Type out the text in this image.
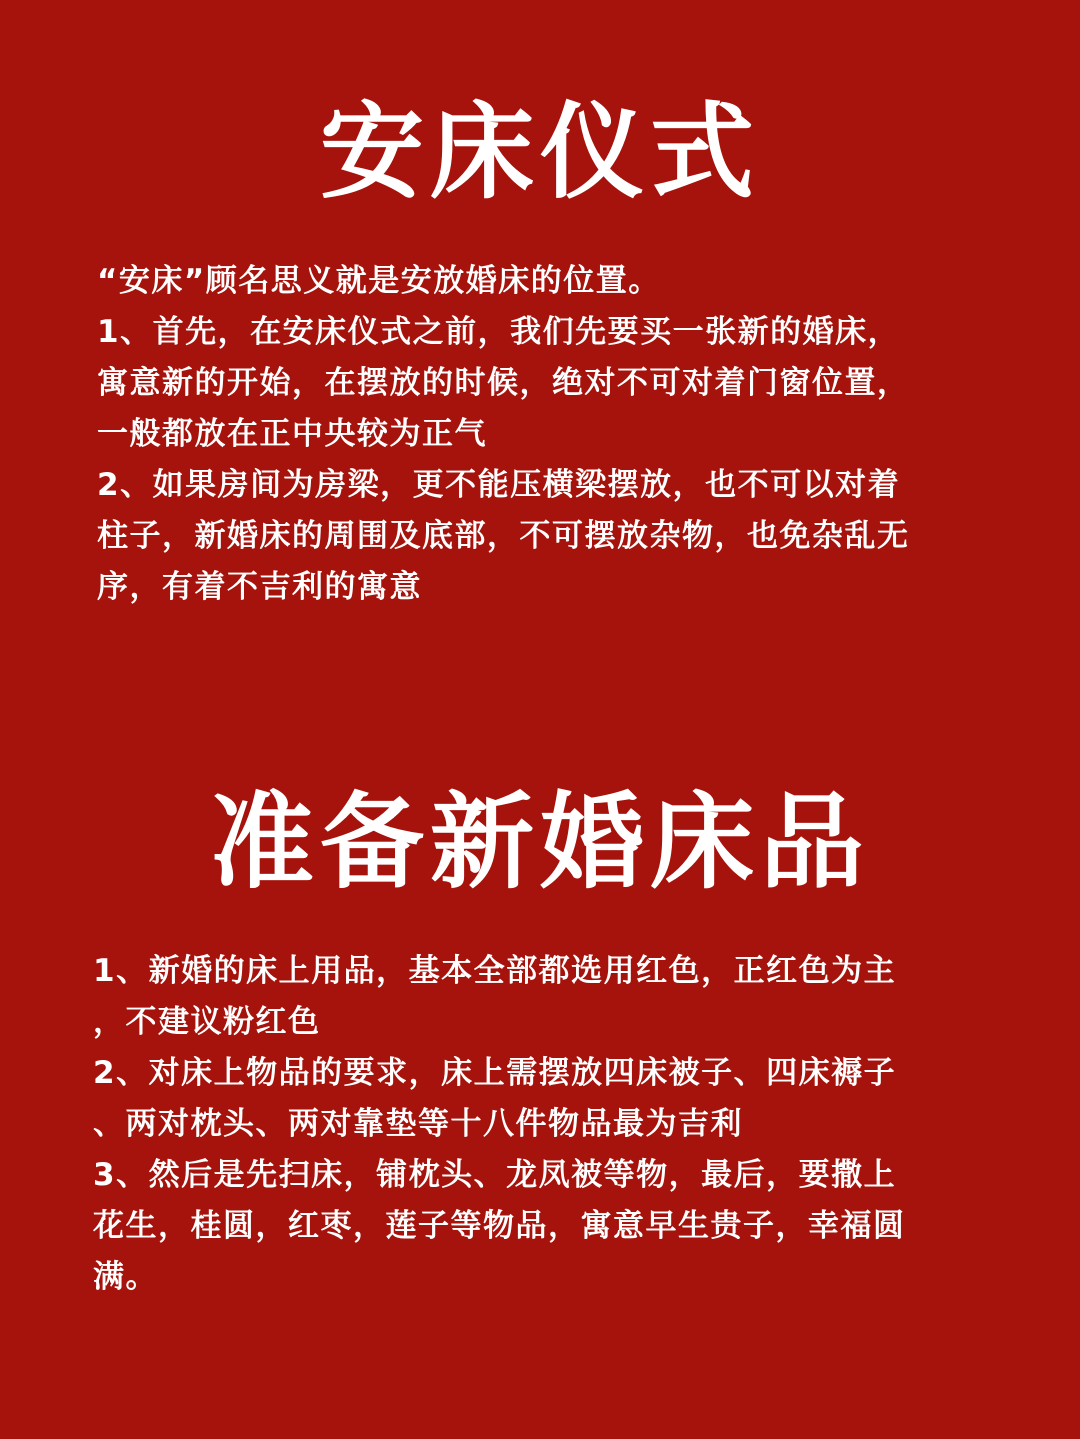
安床仪式

“安床”顾名思义就是安放婚床的位置。

1、首先，在安床仪式之前，我们先要买一张新的婚床，

寓意新的开始，在摆放的时候，绝对不可对着门窗位置，

一般都放在正中央较为正气

2、如果房间为房梁，更不能压横梁摆放，也不可以对着

柱子，新婚床的周围及底部，不可摆放杂物，也免杂乱无

序，有着不吉利的寓意

准备新婚床品

1、新婚的床上用品，基本全部都选用红色，正红色为主

，不建议粉红色

2、对床上物品的要求，床上需摆放四床被子、四床褥子

、两对枕头、两对靠垫等十八件物品最为吉利

3、然后是先扫床，铺枕头、龙凤被等物，最后，要撒上

花生，桂圆，红枣，莲子等物品，寓意早生贵子，幸福圆

满。
